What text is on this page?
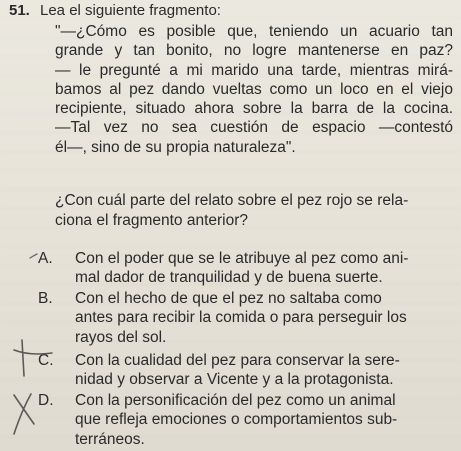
51. Lea el siguiente fragmento:
"—¿Cómo es posible que, teniendo un acuario tan
grande y tan bonito, no logre mantenerse en paz?
— le pregunté a mi marido una tarde, mientras mirá-
bamos al pez dando vueltas como un loco en el viejo
recipiente, situado ahora sobre la barra de la cocina.
—Tal vez no sea cuestión de espacio —contestó
él—, sino de su propia naturaleza".
¿Con cuál parte del relato sobre el pez rojo se rela-
ciona el fragmento anterior?
A.	Con el poder que se le atribuye al pez como ani-
mal dador de tranquilidad y de buena suerte.
B.	Con el hecho de que el pez no saltaba como
antes para recibir la comida o para perseguir los
rayos del sol.
C.	Con la cualidad del pez para conservar la sere-
nidad y observar a Vicente y a la protagonista.
D.	Con la personificación del pez como un animal
que refleja emociones o comportamientos sub-
terráneos.
